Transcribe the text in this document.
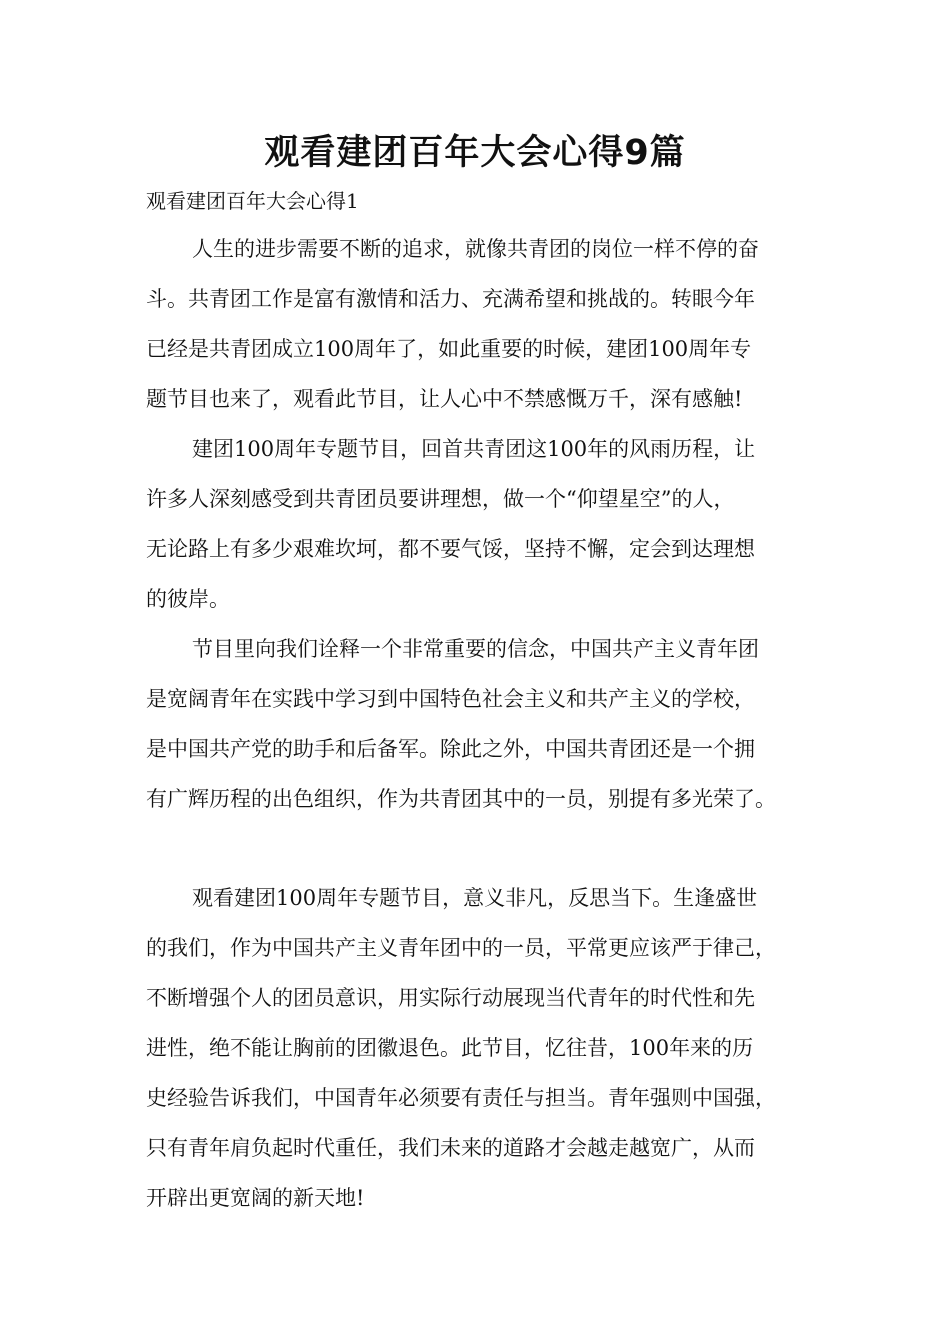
观看建团百年大会心得9篇
观看建团百年大会心得1
人生的进步需要不断的追求，就像共青团的岗位一样不停的奋
斗。共青团工作是富有激情和活力、充满希望和挑战的。转眼今年
已经是共青团成立100周年了，如此重要的时候，建团100周年专
题节目也来了，观看此节目，让人心中不禁感慨万千，深有感触!
建团100周年专题节目，回首共青团这100年的风雨历程，让
许多人深刻感受到共青团员要讲理想，做一个“仰望星空”的人，
无论路上有多少艰难坎坷，都不要气馁，坚持不懈，定会到达理想
的彼岸。
节目里向我们诠释一个非常重要的信念，中国共产主义青年团
是宽阔青年在实践中学习到中国特色社会主义和共产主义的学校，
是中国共产党的助手和后备军。除此之外，中国共青团还是一个拥
有广辉历程的出色组织，作为共青团其中的一员，别提有多光荣了。
观看建团100周年专题节目，意义非凡，反思当下。生逢盛世
的我们，作为中国共产主义青年团中的一员，平常更应该严于律己，
不断增强个人的团员意识，用实际行动展现当代青年的时代性和先
进性，绝不能让胸前的团徽退色。此节目，忆往昔，100年来的历
史经验告诉我们，中国青年必须要有责任与担当。青年强则中国强，
只有青年肩负起时代重任，我们未来的道路才会越走越宽广，从而
开辟出更宽阔的新天地!
